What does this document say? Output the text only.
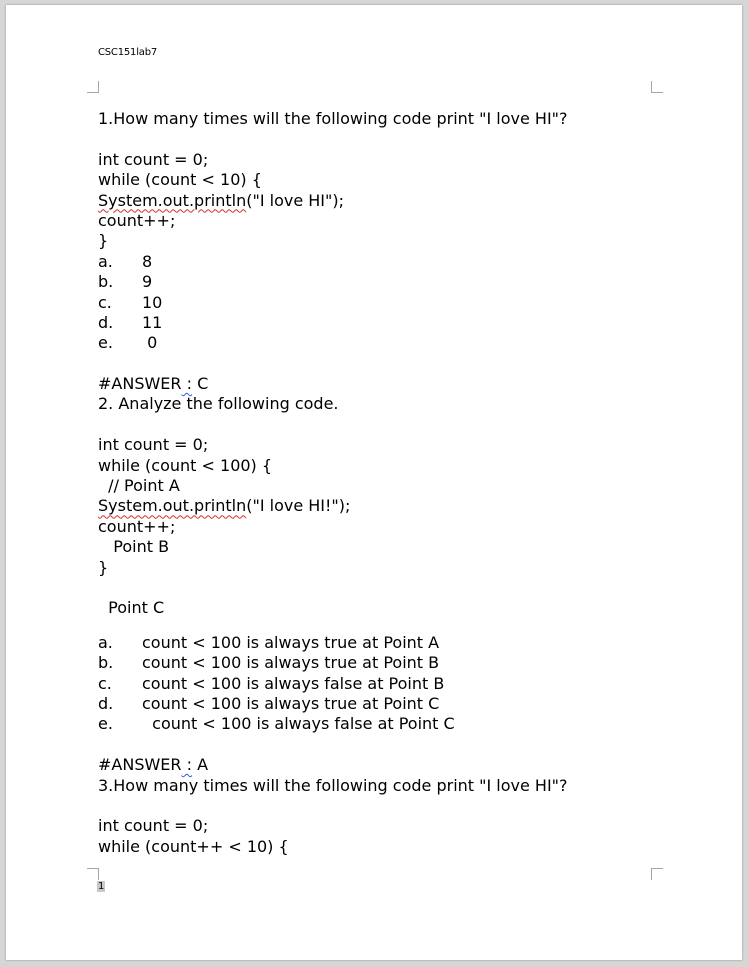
CSC151lab7
1.How many times will the following code print "I love HI"?
int count = 0;
while (count < 10) {
System.out.println("I love HI");
count++;
}
a.	8
b.	9
c.	10
d.	11
e.	0
#ANSWER : C
2. Analyze the following code.
int count = 0;
while (count < 100) {
// Point A
System.out.println("I love HI!");
count++;
Point B
}
Point C
a.	count < 100 is always true at Point A
b.	count < 100 is always true at Point B
c.	count < 100 is always false at Point B
d.	count < 100 is always true at Point C
e.	count < 100 is always false at Point C
#ANSWER : A
3.How many times will the following code print "I love HI"?
int count = 0;
while (count++ < 10) {
1
